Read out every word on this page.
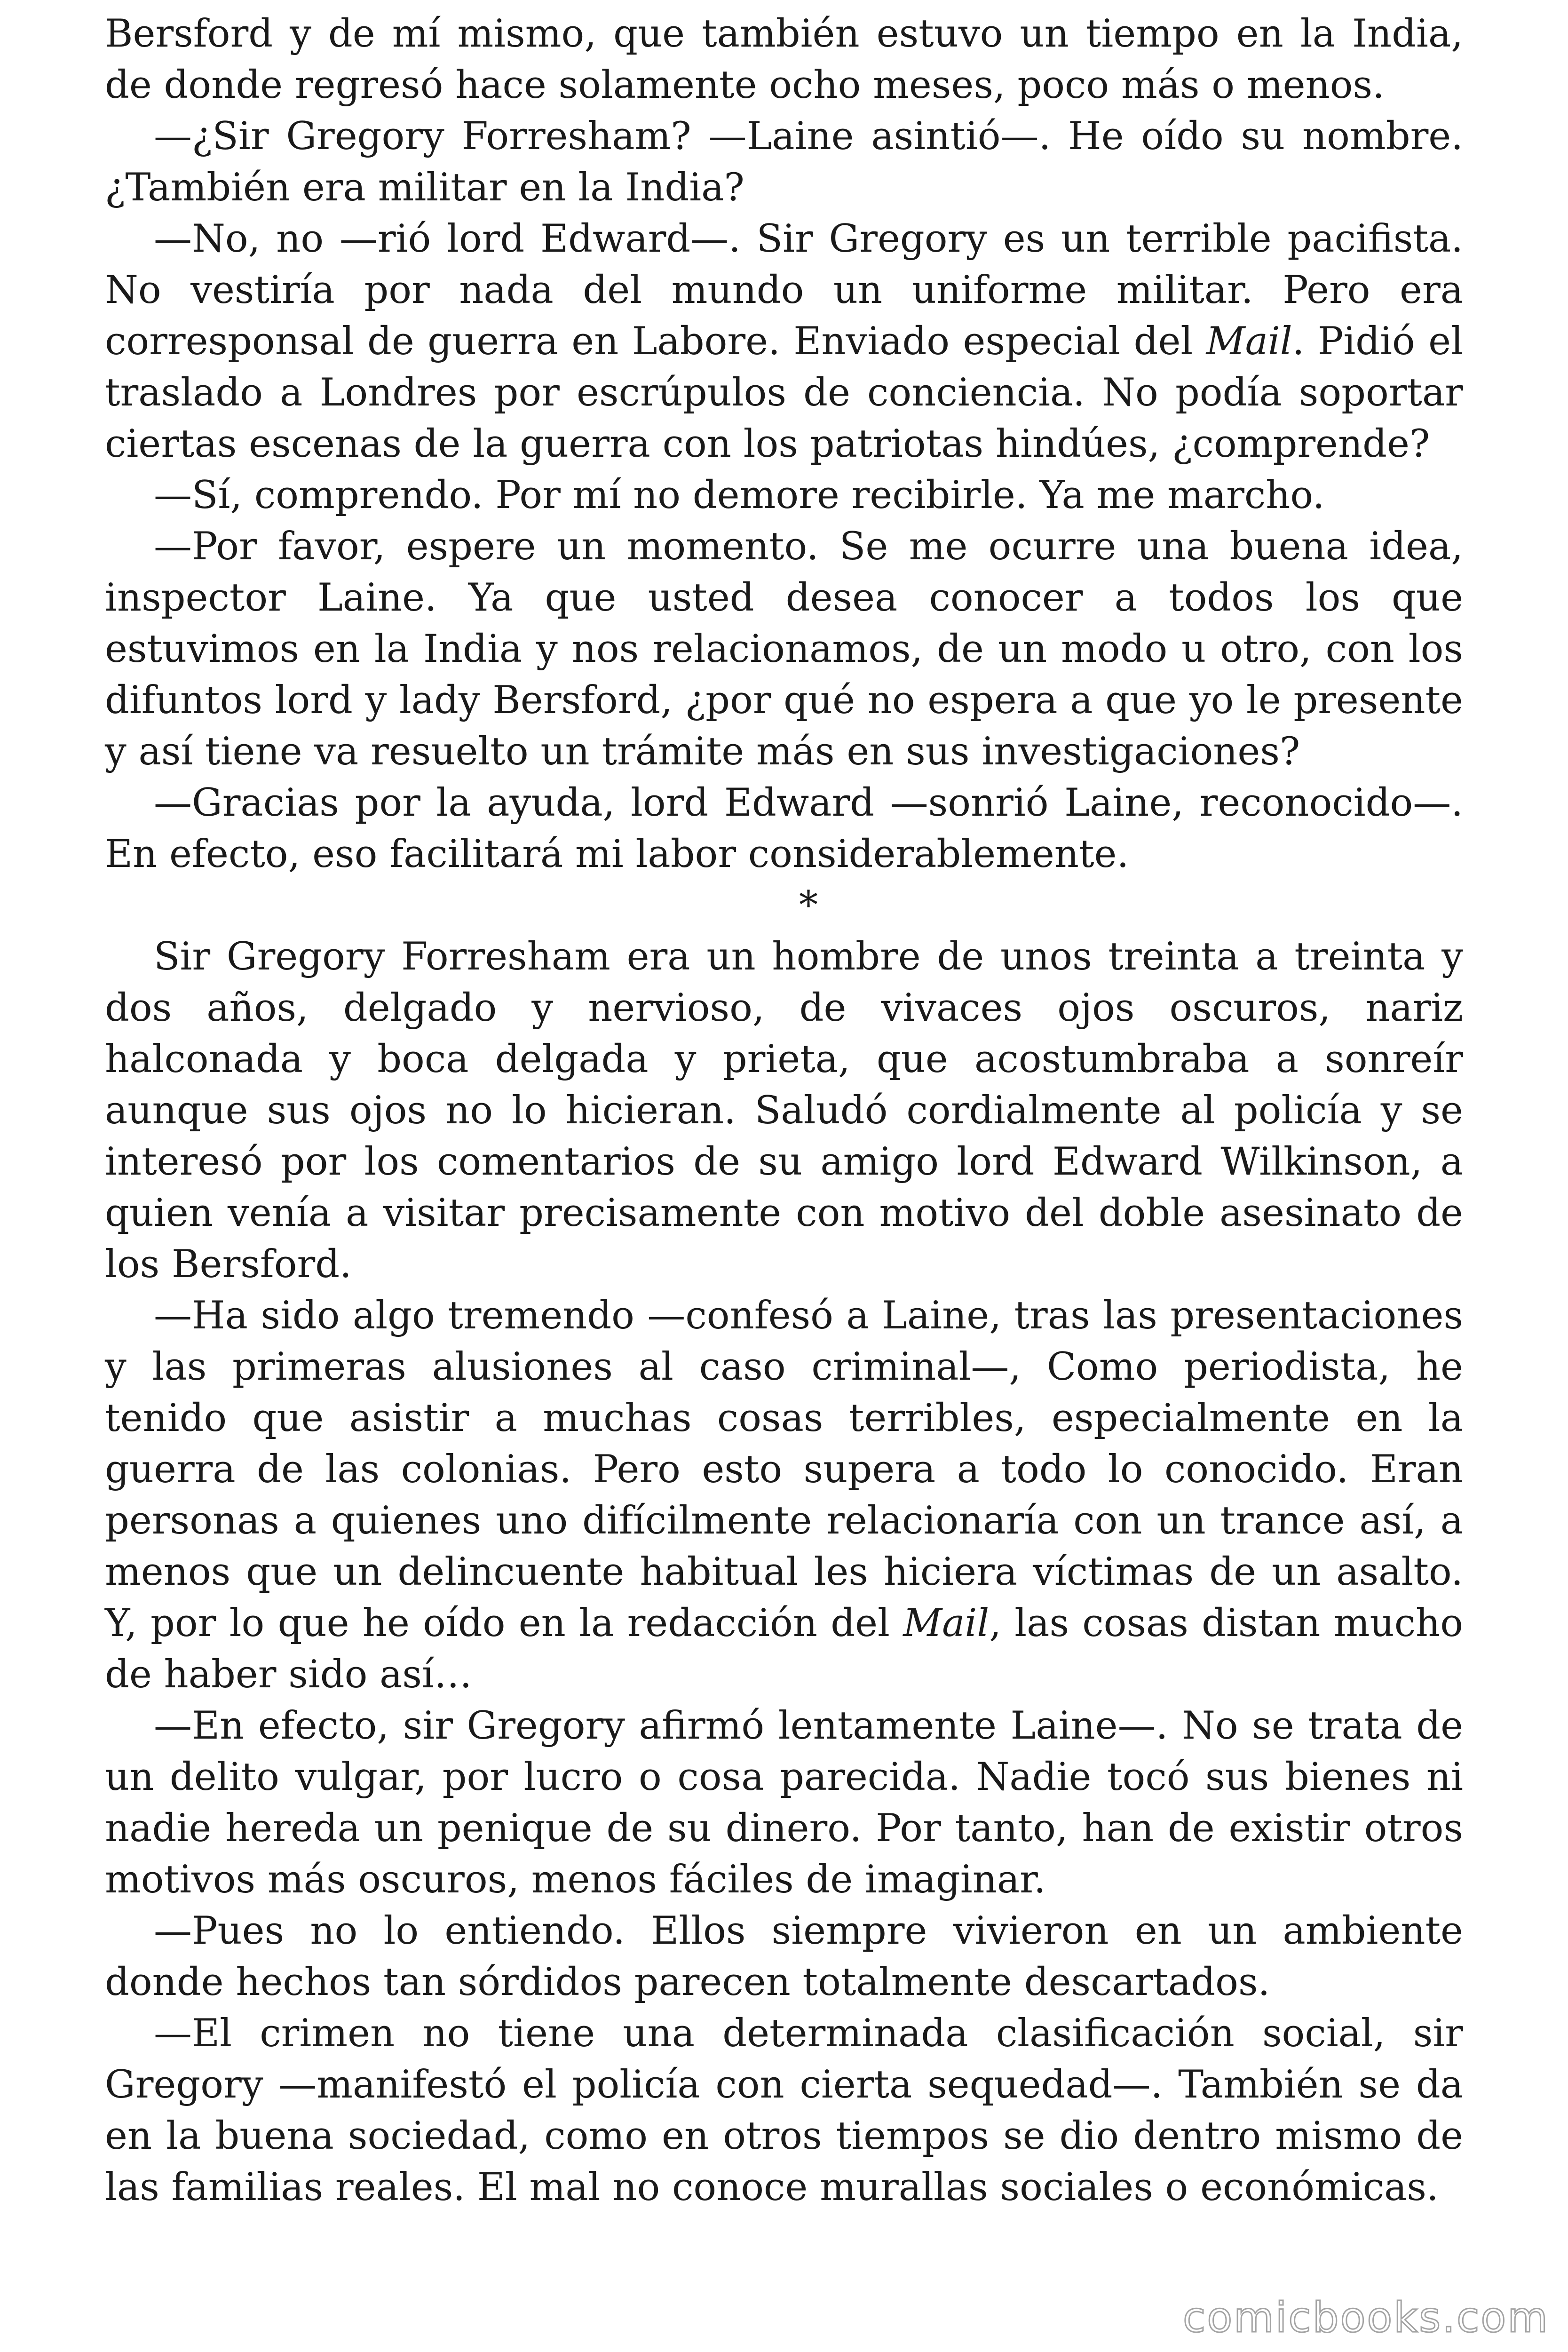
Bersford y de mí mismo, que también estuvo un tiempo en la India, de donde regresó hace solamente ocho meses, poco más o menos.

—¿Sir Gregory Forresham? —Laine asintió—. He oído su nombre. ¿También era militar en la India?

—No, no —rió lord Edward—. Sir Gregory es un terrible pacifista. No vestiría por nada del mundo un uniforme militar. Pero era corresponsal de guerra en Labore. Enviado especial del Mail. Pidió el traslado a Londres por escrúpulos de conciencia. No podía soportar ciertas escenas de la guerra con los patriotas hindúes, ¿comprende?

—Sí, comprendo. Por mí no demore recibirle. Ya me marcho.

—Por favor, espere un momento. Se me ocurre una buena idea, inspector Laine. Ya que usted desea conocer a todos los que estuvimos en la India y nos relacionamos, de un modo u otro, con los difuntos lord y lady Bersford, ¿por qué no espera a que yo le presente y así tiene va resuelto un trámite más en sus investigaciones?

—Gracias por la ayuda, lord Edward —sonrió Laine, reconocido—. En efecto, eso facilitará mi labor considerablemente.

*

Sir Gregory Forresham era un hombre de unos treinta a treinta y dos años, delgado y nervioso, de vivaces ojos oscuros, nariz halconada y boca delgada y prieta, que acostumbraba a sonreír aunque sus ojos no lo hicieran. Saludó cordialmente al policía y se interesó por los comentarios de su amigo lord Edward Wilkinson, a quien venía a visitar precisamente con motivo del doble asesinato de los Bersford.

—Ha sido algo tremendo —confesó a Laine, tras las presentaciones y las primeras alusiones al caso criminal—, Como periodista, he tenido que asistir a muchas cosas terribles, especialmente en la guerra de las colonias. Pero esto supera a todo lo conocido. Eran personas a quienes uno difícilmente relacionaría con un trance así, a menos que un delincuente habitual les hiciera víctimas de un asalto. Y, por lo que he oído en la redacción del Mail, las cosas distan mucho de haber sido así…

—En efecto, sir Gregory afirmó lentamente Laine—. No se trata de un delito vulgar, por lucro o cosa parecida. Nadie tocó sus bienes ni nadie hereda un penique de su dinero. Por tanto, han de existir otros motivos más oscuros, menos fáciles de imaginar.

—Pues no lo entiendo. Ellos siempre vivieron en un ambiente donde hechos tan sórdidos parecen totalmente descartados.

—El crimen no tiene una determinada clasificación social, sir Gregory —manifestó el policía con cierta sequedad—. También se da en la buena sociedad, como en otros tiempos se dio dentro mismo de las familias reales. El mal no conoce murallas sociales o económicas.

comicbooks.com
